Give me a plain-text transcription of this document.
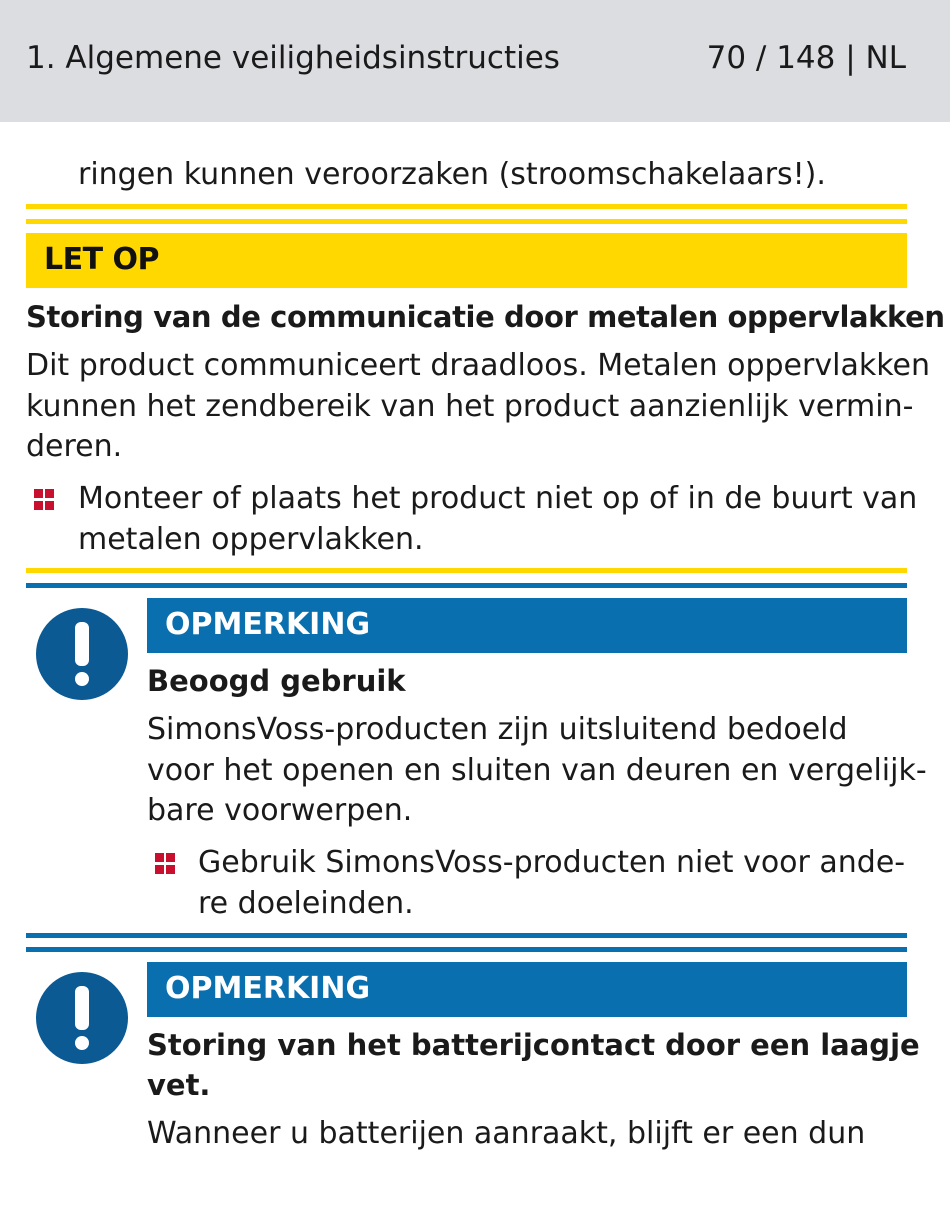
1. Algemene veiligheidsinstructies	70 / 148 | NL
ringen kunnen veroorzaken (stroomschakelaars!).
LET OP
Storing van de communicatie door metalen oppervlakken
Dit product communiceert draadloos. Metalen oppervlakken
kunnen het zendbereik van het product aanzienlijk vermin-
deren.
Monteer of plaats het product niet op of in de buurt van
metalen oppervlakken.
OPMERKING
Beoogd gebruik
SimonsVoss-producten zijn uitsluitend bedoeld
voor het openen en sluiten van deuren en vergelijk-
bare voorwerpen.
Gebruik SimonsVoss-producten niet voor ande-
re doeleinden.
OPMERKING
Storing van het batterijcontact door een laagje
vet.
Wanneer u batterijen aanraakt, blijft er een dun
